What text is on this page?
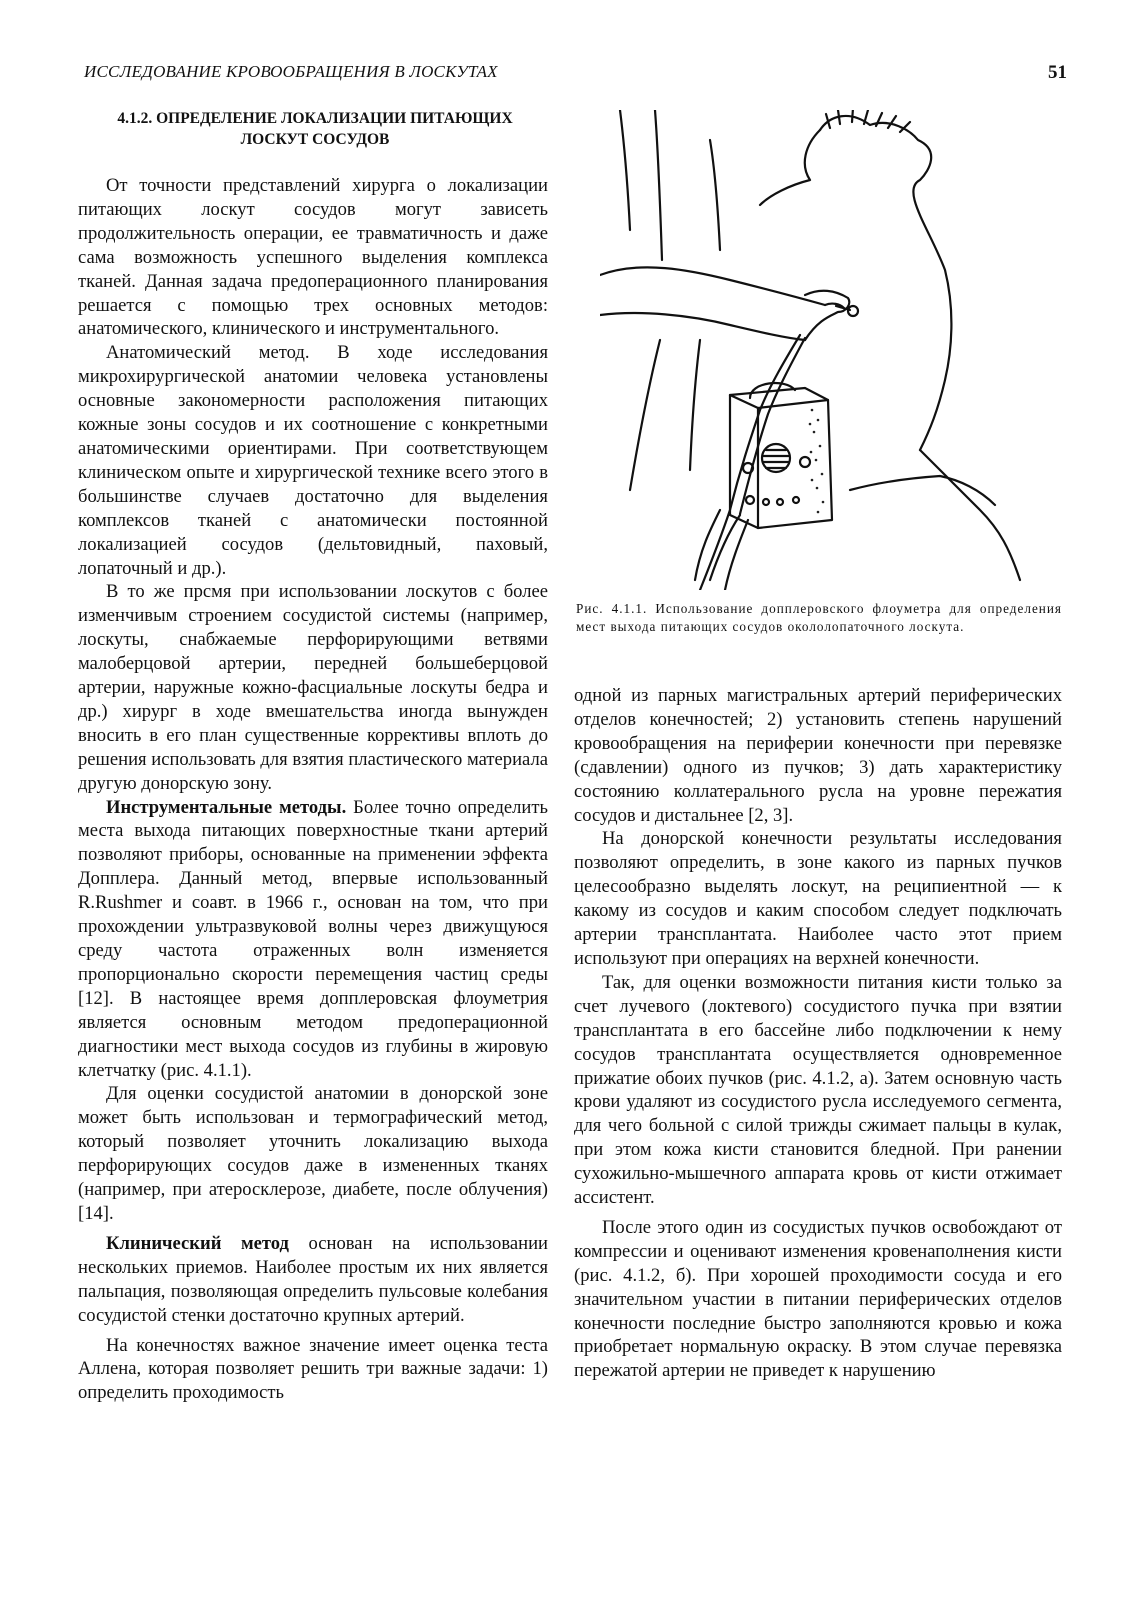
ИССЛЕДОВАНИЕ КРОВООБРАЩЕНИЯ В ЛОСКУТАХ	51
4.1.2. ОПРЕДЕЛЕНИЕ ЛОКАЛИЗАЦИИ ПИТАЮЩИХ
ЛОСКУТ СОСУДОВ

От точности представлений хирурга о локализации питающих лоскут сосудов могут зависеть продолжительность операции, ее травматичность и даже сама возможность успешного выделения комплекса тканей. Данная задача предоперационного планирования решается с помощью трех основных методов: анатомического, клинического и инструментального.

Анатомический метод. В ходе исследования микрохирургической анатомии человека установлены основные закономерности расположения питающих кожные зоны сосудов и их соотношение с конкретными анатомическими ориентирами. При соответствующем клиническом опыте и хирургической технике всего этого в большинстве случаев достаточно для выделения комплексов тканей с анатомически постоянной локализацией сосудов (дельтовидный, паховый, лопаточный и др.).

В то же прсмя при использовании лоскутов с более изменчивым строением сосудистой системы (например, лоскуты, снабжаемые перфорирующими ветвями малоберцовой артерии, передней большеберцовой артерии, наружные кожно-фасциальные лоскуты бедра и др.) хирург в ходе вмешательства иногда вынужден вносить в его план существенные коррективы вплоть до решения использовать для взятия пластического материала другую донорскую зону.

Инструментальные методы. Более точно определить места выхода питающих поверхностные ткани артерий позволяют приборы, основанные на применении эффекта Допплера. Данный метод, впервые использованный R.Rushmer и соавт. в 1966 г., основан на том, что при прохождении ультразвуковой волны через движущуюся среду частота отраженных волн изменяется пропорционально скорости перемещения частиц среды [12]. В настоящее время допплеровская флоуметрия является основным методом предоперационной диагностики мест выхода сосудов из глубины в жировую клетчатку (рис. 4.1.1).

Для оценки сосудистой анатомии в донорской зоне может быть использован и термографический метод, который позволяет уточнить локализацию выхода перфорирующих сосудов даже в измененных тканях (например, при атеросклерозе, диабете, после облучения) [14].

Клинический метод основан на использовании нескольких приемов. Наиболее простым их них является пальпация, позволяющая определить пульсовые колебания сосудистой стенки достаточно крупных артерий.

На конечностях важное значение имеет оценка теста Аллена, которая позволяет решить три важные задачи: 1) определить проходимость

Рис. 4.1.1. Использование допплеровского флоуметра для определения мест выхода питающих сосудов окололопаточного лоскута.

одной из парных магистральных артерий периферических отделов конечностей; 2) установить степень нарушений кровообращения на периферии конечности при перевязке (сдавлении) одного из пучков; 3) дать характеристику состоянию коллатерального русла на уровне пережатия сосудов и дистальнее [2, 3].

На донорской конечности результаты исследования позволяют определить, в зоне какого из парных пучков целесообразно выделять лоскут, на реципиентной — к какому из сосудов и каким способом следует подключать артерии трансплантата. Наиболее часто этот прием используют при операциях на верхней конечности.

Так, для оценки возможности питания кисти только за счет лучевого (локтевого) сосудистого пучка при взятии трансплантата в его бассейне либо подключении к нему сосудов трансплантата осуществляется одновременное прижатие обоих пучков (рис. 4.1.2, а). Затем основную часть крови удаляют из сосудистого русла исследуемого сегмента, для чего больной с силой трижды сжимает пальцы в кулак, при этом кожа кисти становится бледной. При ранении сухожильно-мышечного аппарата кровь от кисти отжимает ассистент.

После этого один из сосудистых пучков освобождают от компрессии и оценивают изменения кровенаполнения кисти (рис. 4.1.2, б). При хорошей проходимости сосуда и его значительном участии в питании периферических отделов конечности последние быстро заполняются кровью и кожа приобретает нормальную окраску. В этом случае перевязка пережатой артерии не приведет к нарушению
